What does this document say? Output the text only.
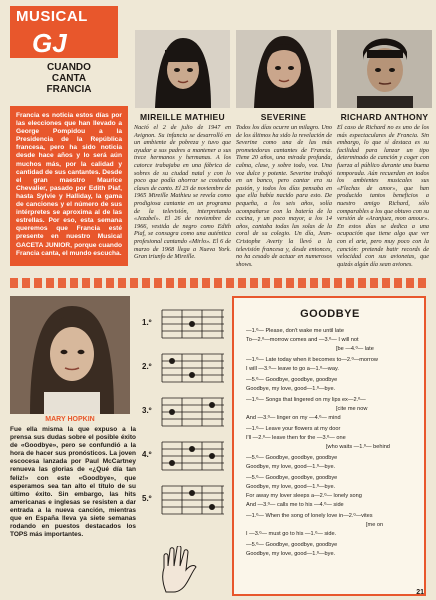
MUSICAL
GJ
CUANDO
CANTA
FRANCIA
Francia es noticia estos días por las elecciones que han llevado a George Pompidou a la Presidencia de la República francesa, pero ha sido noticia desde hace años y lo será aún muchos más, por la calidad y cantidad de sus cantantes. Desde el gran maestro Maurice Chevalier, pasado por Edith Piaf, hasta Sylvie y Halliday, la gama de canciones y el número de sus intérpretes se aproxima al de las estrellas. Por eso, esta semana queremos que Francia esté presente en nuestro Musical GACETA JUNIOR, porque cuando Francia canta, el mundo escucha.
MIREILLE MATHIEU	SEVERINE	RICHARD ANTHONY
Nació el 2 de julio de 1947 en Avignon. Su infancia se desarrolló en un ambiente de pobreza y tuvo que ayudar a sus padres a mantener a sus trece hermanos y hermanas. A los catorce trabajaba en una fábrica de sobres de su ciudad natal y con lo poco que podía ahorrar se costeaba clases de canto. El 23 de noviembre de 1965 Mireille Mathieu se revela como prodigiosa cantante en un programa de la televisión, interpretando «Jezabel». El 26 de noviembre de 1966, vestida de negro como Edith Piaf, se consagra como una auténtica profesional cantando «Mirlo». El 6 de marzo de 1968 llega a Nueva York. Gran triunfo de Mireille.
Todos los días ocurre un milagro. Uno de los últimos ha sido la revelación de Severine como una de las más prometedoras cantantes de Francia. Tiene 20 años, una mirada profunda, calma, clase, y sobre todo, voz. Una voz dulce y potente. Severine trabajó en un banco, pero cantar era su pasión, y todos los días pensaba en que ella había nacido para esto. De pequeña, a los seis años, solía acompañarse con la batería de la cocina, y un poco mayor, a los 14 años, cantaba todas las solas de la coral de su colegio. Un día, Jean-Cristophe Averty la llevó a la televisión francesa y, desde entonces, no ha cesado de actuar en numerosos shows.
El caso de Richard no es uno de los más espectaculares de Francia. Sin embargo, lo que sí destaca es su facilidad para lanzar un tipo determinado de canción y coger con fuerza al público durante una buena temporada. Aún recuerdan en todos los ambientes musicales sus «Flechas de amor», que han producido tantos beneficios a nuestro amigo Richard, sólo comparables a los que obtuvo con su versión de «Aranjuez, mon amour». En estos días se dedica a una ocupación que tiene algo que ver con el arte, pero muy poco con la canción: pretende batir records de velocidad con sus avionetas, que quizás algún día sean aviones.
MARY HOPKIN
Fue ella misma la que expuso a la prensa sus dudas sobre el posible éxito de «Goodbye», pero se confundió a la hora de hacer sus pronósticos. La joven escocesa lanzada por Paul McCartney renueva las glorias de «¿Qué día tan feliz!» con este «Goodbye», que esperamos sea tan alto el título de su último éxito. Sin embargo, las hits americanas e inglesas se resisten a dar entrada a la nueva canción, mientras que en España lleva ya siete semanas rodando en puestos destacados los TOPS más importantes.
1.º
2.º
3.º
4.º
5.º
GOODBYE
—1.º— Please, don't wake me until late
To—2.º—morrow comes and —3.º— I will not
[be —4.º— late
—1.º— Late today when it becomes to—2.º—morrow
I will —3.º— leave to go a—1.º—way.
—5.º— Goodbye, goodbye, goodbye
Goodbye, my love, good—1.º—bye.
—1.º— Songs that lingered on my lips ex—2.º—
[cite me now
And —3.º— linger on my —4.º— mind
—1.º— Leave your flowers at my door
I'll —2.º— leave then for the —3.º— one
[who waits —1.º— behind
—5.º— Goodbye, goodbye, goodbye
Goodbye, my love, good—1.º—bye.
—5.º— Goodbye, goodbye, goodbye
Goodbye, my love, good—1.º—bye.
For away my lover sleeps a—2.º— lonely song
And —3.º— calls me to his —4.º— side
—1.º— When the song of lonely love in—2.º—vites
[me on
I —3.º— must go to his —1.º— side.
—5.º— Goodbye, goodbye, goodbye
Goodbye, my love, good—1.º—bye.
21
